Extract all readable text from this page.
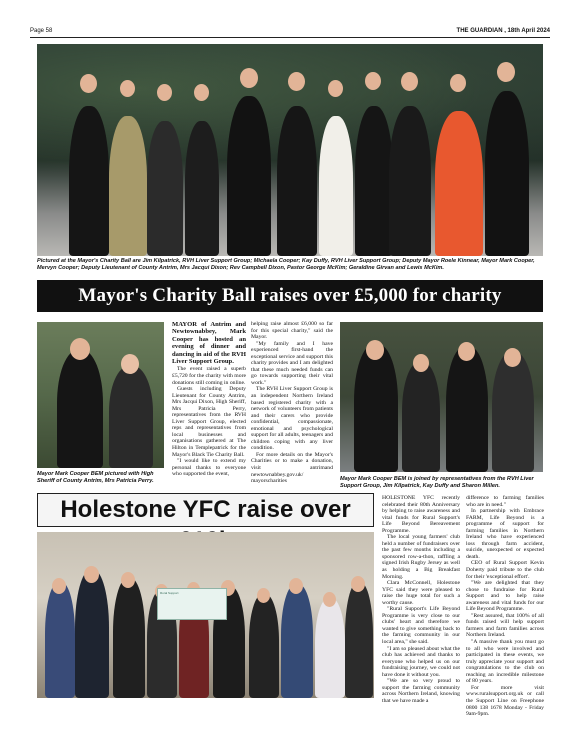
Page 58	THE GUARDIAN , 18th April 2024
Pictured at the Mayor's Charity Ball are Jim Kilpatrick, RVH Liver Support Group; Michaela Cooper; Kay Duffy, RVH Liver Support Group; Deputy Mayor Roele Kinnear, Mayor Mark Cooper, Mervyn Cooper; Deputy Lieutenant of County Antrim, Mrs Jacqui Dixon; Rev Campbell Dixon, Pastor George McKim; Geraldine Girvan and Lewis McKim.
Mayor's Charity Ball raises over £5,000 for charity
Mayor Mark Cooper BEM pictured with High Sheriff of County Antrim, Mrs Patricia Perry.

MAYOR of Antrim and Newtownabbey, Mark Cooper has hosted an evening of dinner and dancing in aid of the RVH Liver Support Group.

The event raised a superb £5,720 for the charity with more donations still coming in online.

Guests including Deputy Lieutenant for County Antrim, Mrs Jacqui Dixon, High Sheriff, Mrs Patricia Perry, representatives from the RVH Liver Support Group, elected reps and representatives from local businesses and organisations gathered at The Hilton in Templepatrick for the Mayor's Black Tie Charity Ball.

"I would like to extend my personal thanks to everyone who supported the event,

helping raise almost £6,000 so far for this special charity," said the Mayor.

"My family and I have experienced first-hand the exceptional service and support this charity provides and I am delighted that these much needed funds can go towards supporting their vital work."

The RVH Liver Support Group is an independent Northern Ireland based registered charity with a network of volunteers from patients and their carers who provide confidential, compassionate, emotional and psychological support for all adults, teenagers and children coping with any liver condition.

For more details on the Mayor's Charities or to make a donation, visit antrimand newtownabbey.gov.uk/ mayorscharities	Mayor Mark Cooper BEM is joined by representatives from the RVH Liver Support Group, Jim Kilpatrick, Kay Duffy and Sharon Millen.
Holestone YFC raise over
Rural Support

HOLESTONE YFC recently celebrated their 80th Anniversary by helping to raise awareness and vital funds for Rural Support's Life Beyond Bereavement Programme.

The local young farmers' club held a number of fundraisers over the past few months including a sponsored row-a-thon, raffling a signed Irish Rugby Jersey as well as holding a Big Breakfast Morning.

Clara McConnell, Holestone YFC said they were pleased to raise the huge total for such a worthy cause.

"Rural Support's Life Beyond Programme is very close to our clubs' heart and therefore we wanted to give something back to the farming community in our local area," she said.

"I am so pleased about what the club has achieved and thanks to everyone who helped us on our fundraising journey, we could not have done it without you.

"We are so very proud to support the farming community across Northern Ireland, knowing that we have made a

difference to farming families who are in need."

In partnership with Embrace FARM, Life Beyond is a programme of support for farming families in Northern Ireland who have experienced loss through farm accident, suicide, unexpected or expected death.

CEO of Rural Support Kevin Doherty paid tribute to the club for their 'exceptional effort'.

"We are delighted that they chose to fundraise for Rural Support and to help raise awareness and vital funds for our Life Beyond Programme.

"Rest assured, that 100% of all funds raised will help support farmers and farm families across Northern Ireland.

"A massive thank you must go to all who were involved and participated in these events, we truly appreciate your support and congratulations to the club on reaching an incredible milestone of 80 years.

For more visit www.ruralsupport.org.uk or call the Support Line on Freephone 0800 138 1678 Monday - Friday 9am-9pm.
